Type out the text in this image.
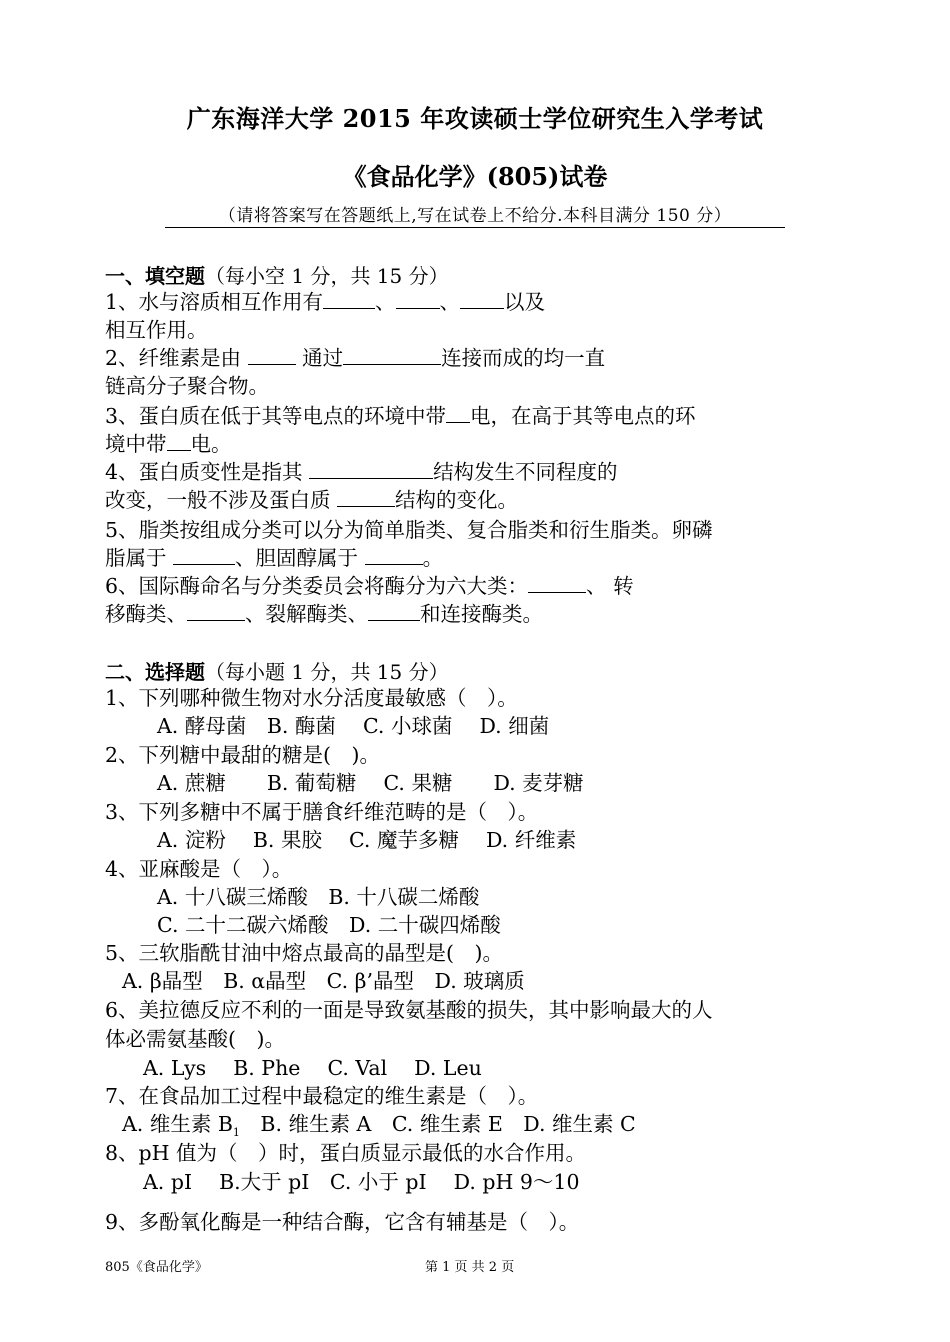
广东海洋大学 2015 年攻读硕士学位研究生入学考试
《食品化学》(805)试卷
（请将答案写在答题纸上,写在试卷上不给分.本科目满分 150 分）
一、填空题（每小空 1 分，共 15 分）
1、水与溶质相互作用有	、 、 以及
相互作用。
2、纤维素是由  通过	连接而成的均一直
链高分子聚合物。
3、蛋白质在低于其等电点的环境中带 电，在高于其等电点的环
境中带 电。
4、蛋白质变性是指其	结构发生不同程度的
改变，一般不涉及蛋白质	结构的变化。
5、脂类按组成分类可以分为简单脂类、复合脂类和衍生脂类。卵磷
脂属于	、胆固醇属于	。
6、国际酶命名与分类委员会将酶分为六大类：	、 转
移酶类、	、裂解酶类、	和连接酶类。
二、选择题（每小题 1 分，共 15 分）
1、下列哪种微生物对水分活度最敏感（　）。
A. 酵母菌　B. 酶菌　 C. 小球菌　 D. 细菌
2、下列糖中最甜的糖是(　)。
A. 蔗糖　　B. 葡萄糖　 C. 果糖　　D. 麦芽糖
3、下列多糖中不属于膳食纤维范畴的是（　）。
A. 淀粉　 B. 果胶　 C. 魔芋多糖　 D. 纤维素
4、亚麻酸是（　）。
A. 十八碳三烯酸　B. 十八碳二烯酸
C. 二十二碳六烯酸　D. 二十碳四烯酸
5、三软脂酰甘油中熔点最高的晶型是(　)。
A. β晶型　B. α晶型　C. β’晶型　D. 玻璃质
6、美拉德反应不利的一面是导致氨基酸的损失，其中影响最大的人
体必需氨基酸(　)。
A. Lys　 B. Phe　 C. Val　 D. Leu
7、在食品加工过程中最稳定的维生素是（　）。
A. 维生素 $B_1$　B. 维生素 A　C. 维生素 E　D. 维生素 C
8、pH 值为（　）时，蛋白质显示最低的水合作用。
A. pI　 B.大于 pI　C. 小于 pI　 D. pH 9～10
9、多酚氧化酶是一种结合酶，它含有辅基是（　）。
805《食品化学》	第 1 页 共 2 页
